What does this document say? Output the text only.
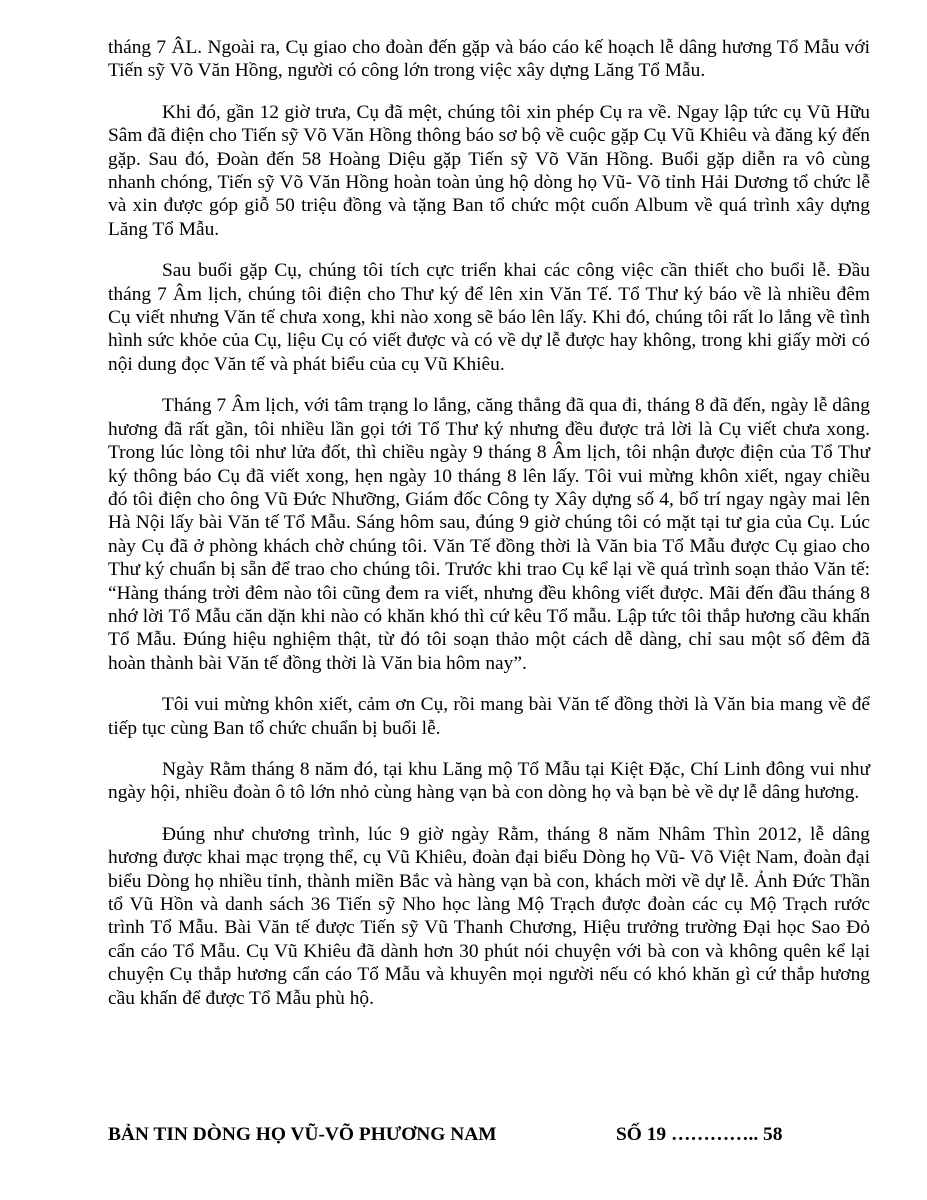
tháng 7 ÂL. Ngoài ra, Cụ giao cho đoàn đến gặp và báo cáo kế hoạch lễ dâng hương Tổ Mẫu với Tiến sỹ Võ Văn Hồng, người có công lớn trong việc xây dựng Lăng Tổ Mẫu.

Khi đó, gần 12 giờ trưa, Cụ đã mệt, chúng tôi xin phép Cụ ra về. Ngay lập tức cụ Vũ Hữu Sâm đã điện cho Tiến sỹ Võ Văn Hồng thông báo sơ bộ về cuộc gặp Cụ Vũ Khiêu và đăng ký đến gặp. Sau đó, Đoàn đến 58 Hoàng Diệu gặp Tiến sỹ Võ Văn Hồng. Buổi gặp diễn ra vô cùng nhanh chóng, Tiến sỹ Võ Văn Hồng hoàn toàn ủng hộ dòng họ Vũ- Võ tỉnh Hải Dương tổ chức lễ và xin được góp giỗ 50 triệu đồng và tặng Ban tổ chức một cuốn Album về quá trình xây dựng Lăng Tổ Mẫu.

Sau buổi gặp Cụ, chúng tôi tích cực triển khai các công việc cần thiết cho buổi lễ. Đầu tháng 7 Âm lịch, chúng tôi điện cho Thư ký để lên xin Văn Tế. Tổ Thư ký báo về là nhiều đêm Cụ viết nhưng Văn tế chưa xong, khi nào xong sẽ báo lên lấy. Khi đó, chúng tôi rất lo lắng về tình hình sức khỏe của Cụ, liệu Cụ có viết được và có về dự lễ được hay không, trong khi giấy mời có nội dung đọc Văn tế và phát biểu của cụ Vũ Khiêu.

Tháng 7 Âm lịch, với tâm trạng lo lắng, căng thẳng đã qua đi, tháng 8 đã đến, ngày lễ dâng hương đã rất gần, tôi nhiều lần gọi tới Tổ Thư ký nhưng đều được trả lời là Cụ viết chưa xong. Trong lúc lòng tôi như lửa đốt, thì chiều ngày 9 tháng 8 Âm lịch, tôi nhận được điện của Tổ Thư ký thông báo Cụ đã viết xong, hẹn ngày 10 tháng 8 lên lấy. Tôi vui mừng khôn xiết, ngay chiều đó tôi điện cho ông Vũ Đức Nhưỡng, Giám đốc Công ty Xây dựng số 4, bố trí ngay ngày mai lên Hà Nội lấy bài Văn tế Tổ Mẫu. Sáng hôm sau, đúng 9 giờ chúng tôi có mặt tại tư gia của Cụ. Lúc này Cụ đã ở phòng khách chờ chúng tôi. Văn Tế đồng thời là Văn bia Tổ Mẫu được Cụ giao cho Thư ký chuẩn bị sẵn để trao cho chúng tôi. Trước khi trao Cụ kể lại về quá trình soạn thảo Văn tế: “Hàng tháng trời đêm nào tôi cũng đem ra viết, nhưng đều không viết được. Mãi đến đầu tháng 8 nhớ lời Tổ Mẫu căn dặn khi nào có khăn khó thì cứ kêu Tổ mẫu. Lập tức tôi thắp hương cầu khấn Tổ Mẫu. Đúng hiệu nghiệm thật, từ đó tôi soạn thảo một cách dễ dàng, chỉ sau một số đêm đã hoàn thành bài Văn tế đồng thời là Văn bia hôm nay”.

Tôi vui mừng khôn xiết, cảm ơn Cụ, rồi mang bài Văn tế đồng thời là Văn bia mang về để tiếp tục cùng Ban tổ chức chuẩn bị buổi lễ.

Ngày Rằm tháng 8 năm đó, tại khu Lăng mộ Tổ Mẫu tại Kiệt Đặc, Chí Linh đông vui như ngày hội, nhiều đoàn ô tô lớn nhỏ cùng hàng vạn bà con dòng họ và bạn bè về dự lễ dâng hương.

Đúng như chương trình, lúc 9 giờ ngày Rằm, tháng 8 năm Nhâm Thìn 2012, lễ dâng hương được khai mạc trọng thể, cụ Vũ Khiêu, đoàn đại biểu Dòng họ Vũ- Võ Việt Nam, đoàn đại biểu Dòng họ nhiều tỉnh, thành miền Bắc và hàng vạn bà con, khách mời về dự lễ. Ảnh Đức Thần tổ Vũ Hồn và danh sách 36 Tiến sỹ Nho học làng Mộ Trạch được đoàn các cụ Mộ Trạch rước trình Tổ Mẫu. Bài Văn tế được Tiến sỹ Vũ Thanh Chương, Hiệu trưởng trường Đại học Sao Đỏ cẩn cáo Tổ Mẫu. Cụ Vũ Khiêu đã dành hơn 30 phút nói chuyện với bà con và không quên kể lại chuyện Cụ thắp hương cẩn cáo Tổ Mẫu và khuyên mọi người nếu có khó khăn gì cứ thắp hương cầu khấn để được Tổ Mẫu phù hộ.

BẢN TIN DÒNG HỌ VŨ-VÕ PHƯƠNG NAM	SỐ 19 ………….. 58
